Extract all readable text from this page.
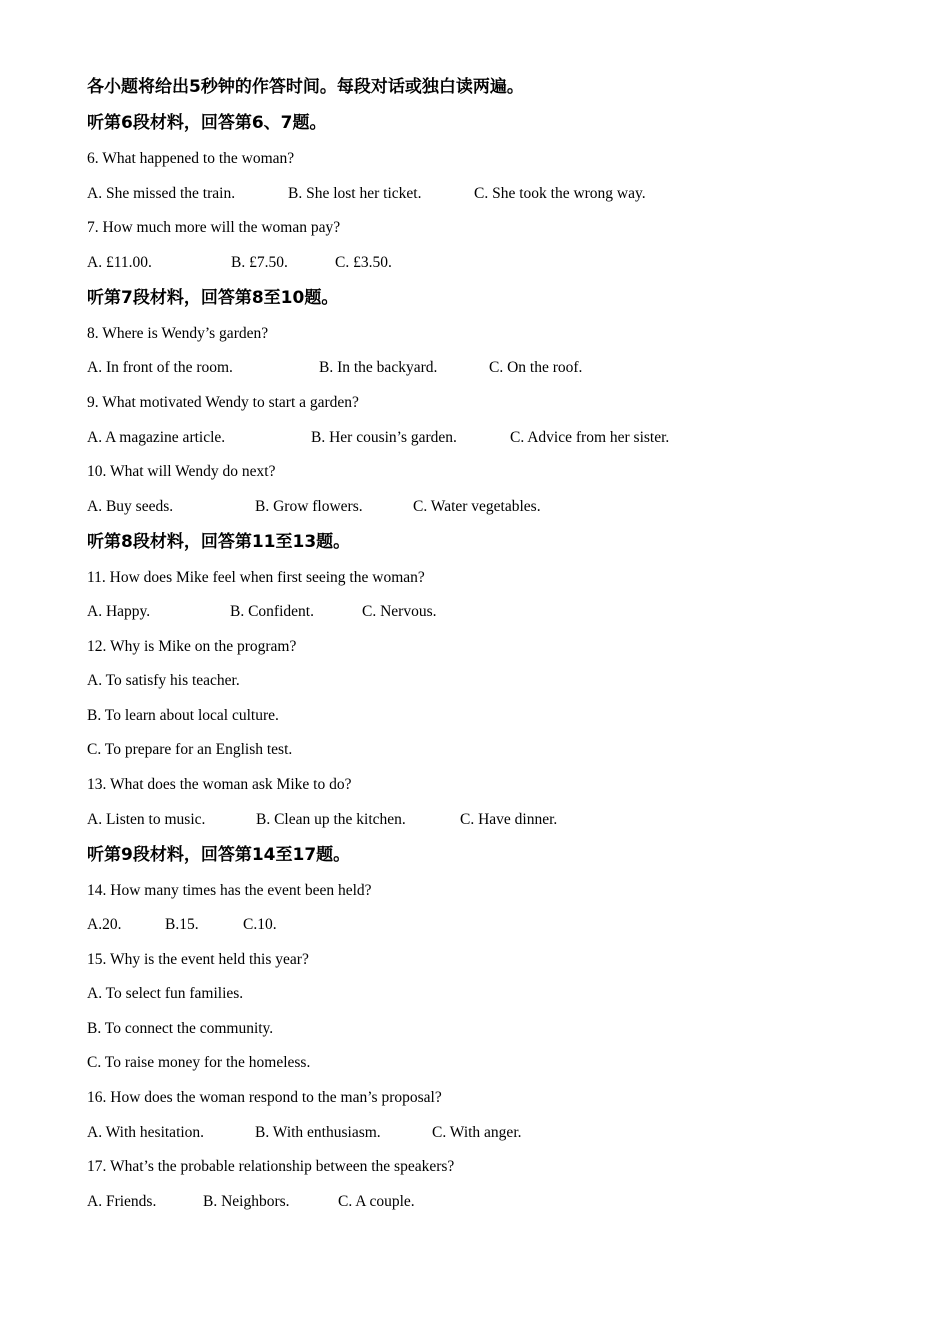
各小题将给出5秒钟的作答时间。每段对话或独白读两遍。
听第6段材料，回答第6、7题。
6. What happened to the woman?
A. She missed the train.	B. She lost her ticket.	C. She took the wrong way.
7. How much more will the woman pay?
A. £11.00.	B. £7.50.	C. £3.50.
听第7段材料，回答第8至10题。
8. Where is Wendy’s garden?
A. In front of the room.	B. In the backyard.	C. On the roof.
9. What motivated Wendy to start a garden?
A. A magazine article.	B. Her cousin’s garden.	C. Advice from her sister.
10. What will Wendy do next?
A. Buy seeds.	B. Grow flowers.	C. Water vegetables.
听第8段材料，回答第11至13题。
11. How does Mike feel when first seeing the woman?
A. Happy.	B. Confident.	C. Nervous.
12. Why is Mike on the program?
A. To satisfy his teacher.
B. To learn about local culture.
C. To prepare for an English test.
13. What does the woman ask Mike to do?
A. Listen to music.	B. Clean up the kitchen.	C. Have dinner.
听第9段材料，回答第14至17题。
14. How many times has the event been held?
A.20.	B.15.	C.10.
15. Why is the event held this year?
A. To select fun families.
B. To connect the community.
C. To raise money for the homeless.
16. How does the woman respond to the man’s proposal?
A. With hesitation.	B. With enthusiasm.	C. With anger.
17. What’s the probable relationship between the speakers?
A. Friends.	B. Neighbors.	C. A couple.
